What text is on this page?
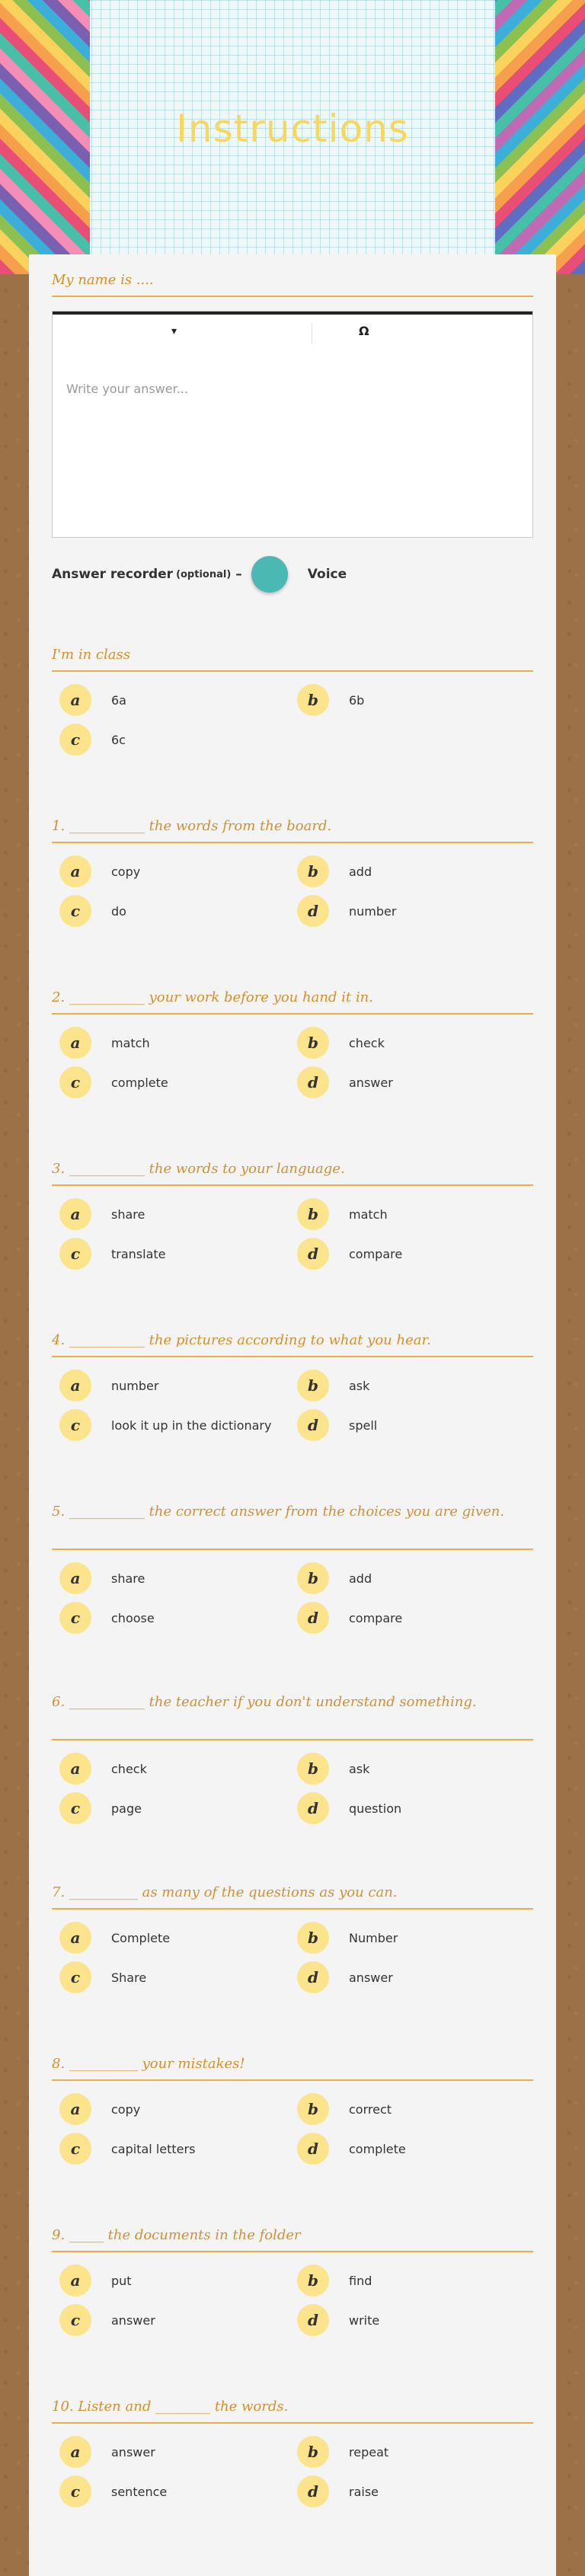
Instructions
My name is ....
▾	Ω
Write your answer...
Answer recorder (optional) –	Voice
I'm in class
a	6a	b	6b
c	6c
1. ___________ the words from the board.
a	copy	b	add
c	do	d	number
2. ___________ your work before you hand it in.
a	match	b	check
c	complete	d	answer
3. ___________ the words to your language.
a	share	b	match
c	translate	d	compare
4. ___________ the pictures according to what you hear.
a	number	b	ask
c	look it up in the dictionary	d	spell
5. ___________ the correct answer from the choices you are given.
a	share	b	add
c	choose	d	compare
6. ___________ the teacher if you don't understand something.
a	check	b	ask
c	page	d	question
7. __________ as many of the questions as you can.
a	Complete	b	Number
c	Share	d	answer
8. __________ your mistakes!
a	copy	b	correct
c	capital letters	d	complete
9. _____ the documents in the folder
a	put	b	find
c	answer	d	write
10. Listen and ________ the words.
a	answer	b	repeat
c	sentence	d	raise
